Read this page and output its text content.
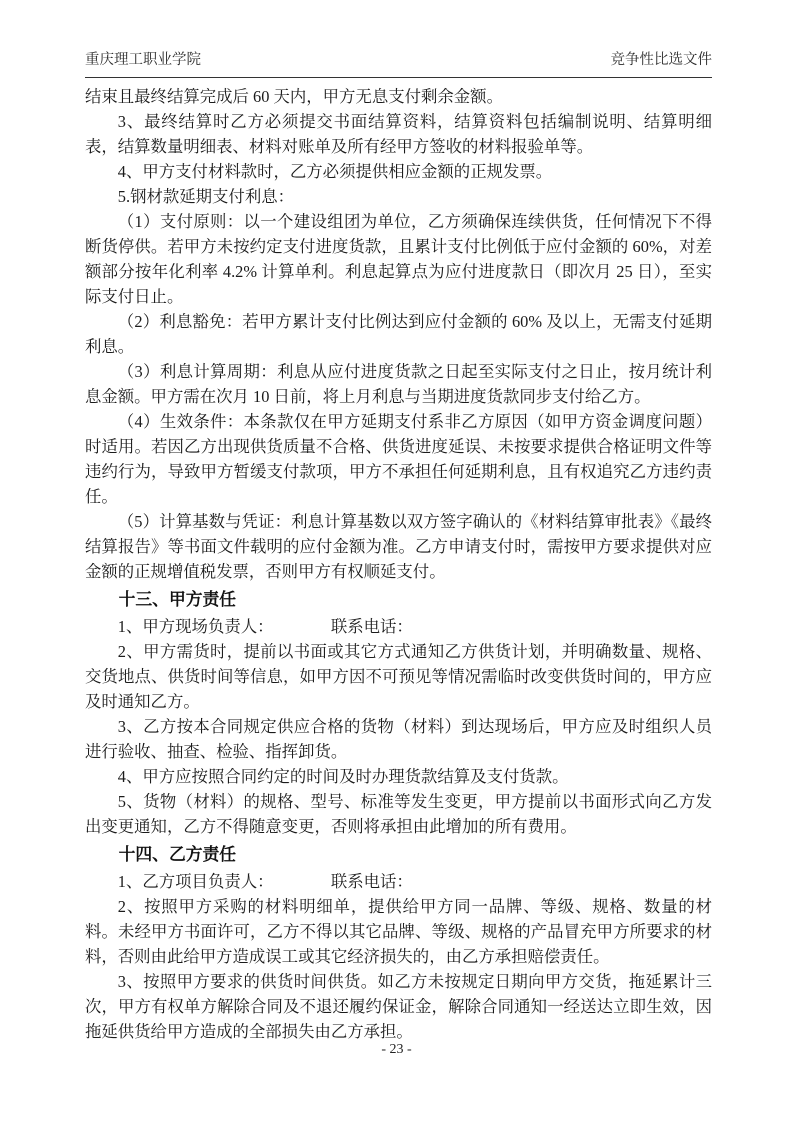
重庆理工职业学院	竞争性比选文件

结束且最终结算完成后 60 天内，甲方无息支付剩余金额。

3、最终结算时乙方必须提交书面结算资料，结算资料包括编制说明、结算明细表，结算数量明细表、材料对账单及所有经甲方签收的材料报验单等。

4、甲方支付材料款时，乙方必须提供相应金额的正规发票。

5.钢材款延期支付利息：

（1）支付原则：以一个建设组团为单位，乙方须确保连续供货，任何情况下不得断货停供。若甲方未按约定支付进度货款，且累计支付比例低于应付金额的 60%，对差额部分按年化利率 4.2% 计算单利。利息起算点为应付进度款日（即次月 25 日），至实际支付日止。

（2）利息豁免：若甲方累计支付比例达到应付金额的 60% 及以上，无需支付延期利息。

（3）利息计算周期：利息从应付进度货款之日起至实际支付之日止，按月统计利息金额。甲方需在次月 10 日前，将上月利息与当期进度货款同步支付给乙方。

（4）生效条件：本条款仅在甲方延期支付系非乙方原因（如甲方资金调度问题）时适用。若因乙方出现供货质量不合格、供货进度延误、未按要求提供合格证明文件等违约行为，导致甲方暂缓支付款项，甲方不承担任何延期利息，且有权追究乙方违约责任。

（5）计算基数与凭证：利息计算基数以双方签字确认的《材料结算审批表》《最终结算报告》等书面文件载明的应付金额为准。乙方申请支付时，需按甲方要求提供对应金额的正规增值税发票，否则甲方有权顺延支付。

十三、甲方责任

1、甲方现场负责人：　　　　联系电话：

2、甲方需货时，提前以书面或其它方式通知乙方供货计划，并明确数量、规格、交货地点、供货时间等信息，如甲方因不可预见等情况需临时改变供货时间的，甲方应及时通知乙方。

3、乙方按本合同规定供应合格的货物（材料）到达现场后，甲方应及时组织人员进行验收、抽查、检验、指挥卸货。

4、甲方应按照合同约定的时间及时办理货款结算及支付货款。

5、货物（材料）的规格、型号、标准等发生变更，甲方提前以书面形式向乙方发出变更通知，乙方不得随意变更，否则将承担由此增加的所有费用。

十四、乙方责任

1、乙方项目负责人：　　　　联系电话：

2、按照甲方采购的材料明细单，提供给甲方同一品牌、等级、规格、数量的材料。未经甲方书面许可，乙方不得以其它品牌、等级、规格的产品冒充甲方所要求的材料，否则由此给甲方造成误工或其它经济损失的，由乙方承担赔偿责任。

3、按照甲方要求的供货时间供货。如乙方未按规定日期向甲方交货，拖延累计三次，甲方有权单方解除合同及不退还履约保证金，解除合同通知一经送达立即生效，因拖延供货给甲方造成的全部损失由乙方承担。

- 23 -
